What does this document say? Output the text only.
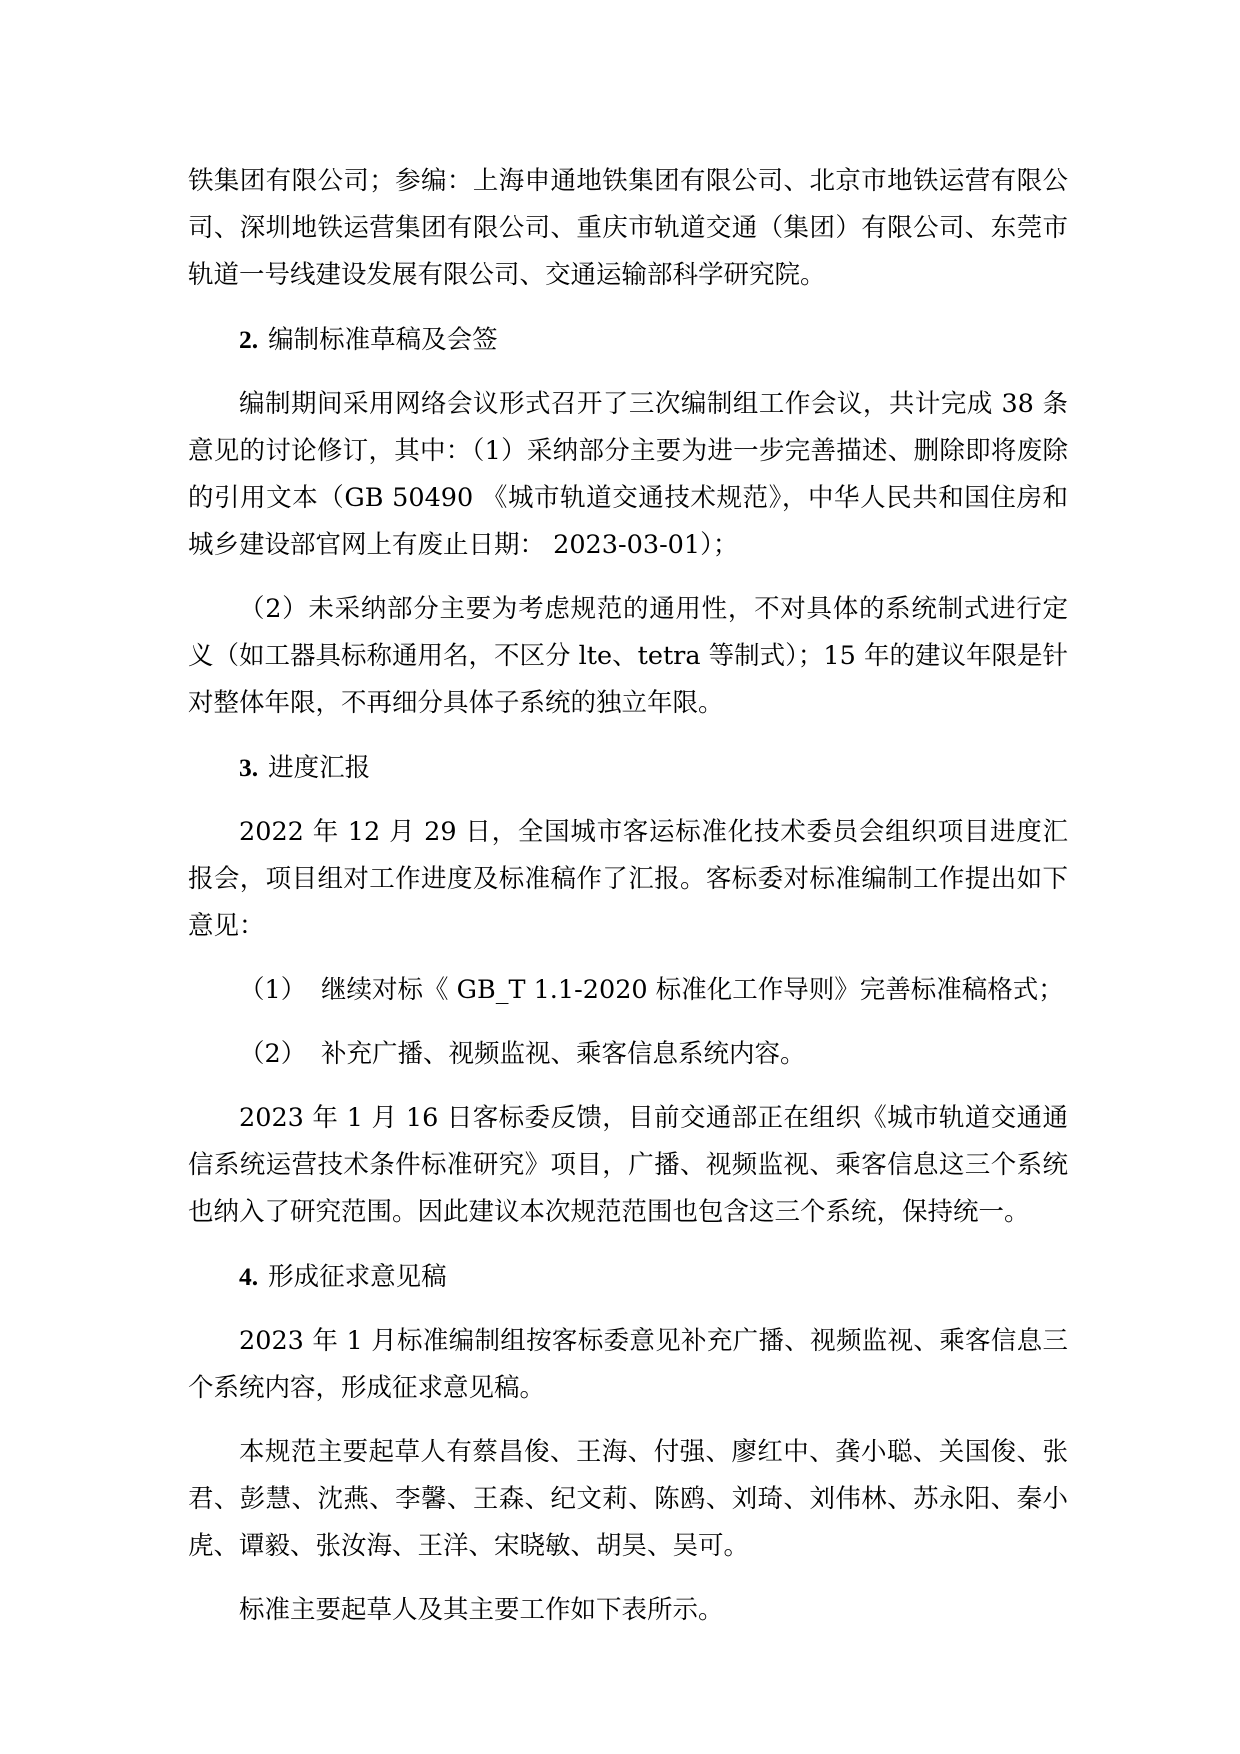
铁集团有限公司；参编：上海申通地铁集团有限公司、北京市地铁运营有限公司、深圳地铁运营集团有限公司、重庆市轨道交通（集团）有限公司、东莞市轨道一号线建设发展有限公司、交通运输部科学研究院。

2. 编制标准草稿及会签

编制期间采用网络会议形式召开了三次编制组工作会议，共计完成 38 条意见的讨论修订，其中：（1）采纳部分主要为进一步完善描述、删除即将废除的引用文本（GB 50490 《城市轨道交通技术规范》，中华人民共和国住房和城乡建设部官网上有废止日期： 2023-03-01）；

（2）未采纳部分主要为考虑规范的通用性，不对具体的系统制式进行定义（如工器具标称通用名，不区分 lte、tetra 等制式）；15 年的建议年限是针对整体年限，不再细分具体子系统的独立年限。

3. 进度汇报

2022 年 12 月 29 日，全国城市客运标准化技术委员会组织项目进度汇报会，项目组对工作进度及标准稿作了汇报。客标委对标准编制工作提出如下意见：

（1） 继续对标《 GB_T 1.1-2020 标准化工作导则》完善标准稿格式；
（2） 补充广播、视频监视、乘客信息系统内容。

2023 年 1 月 16 日客标委反馈，目前交通部正在组织《城市轨道交通通信系统运营技术条件标准研究》项目，广播、视频监视、乘客信息这三个系统也纳入了研究范围。因此建议本次规范范围也包含这三个系统，保持统一。

4. 形成征求意见稿

2023 年 1 月标准编制组按客标委意见补充广播、视频监视、乘客信息三个系统内容，形成征求意见稿。

本规范主要起草人有蔡昌俊、王海、付强、廖红中、龚小聪、关国俊、张君、彭慧、沈燕、李馨、王森、纪文莉、陈鸥、刘琦、刘伟林、苏永阳、秦小虎、谭毅、张汝海、王洋、宋晓敏、胡昊、吴可。

标准主要起草人及其主要工作如下表所示。
